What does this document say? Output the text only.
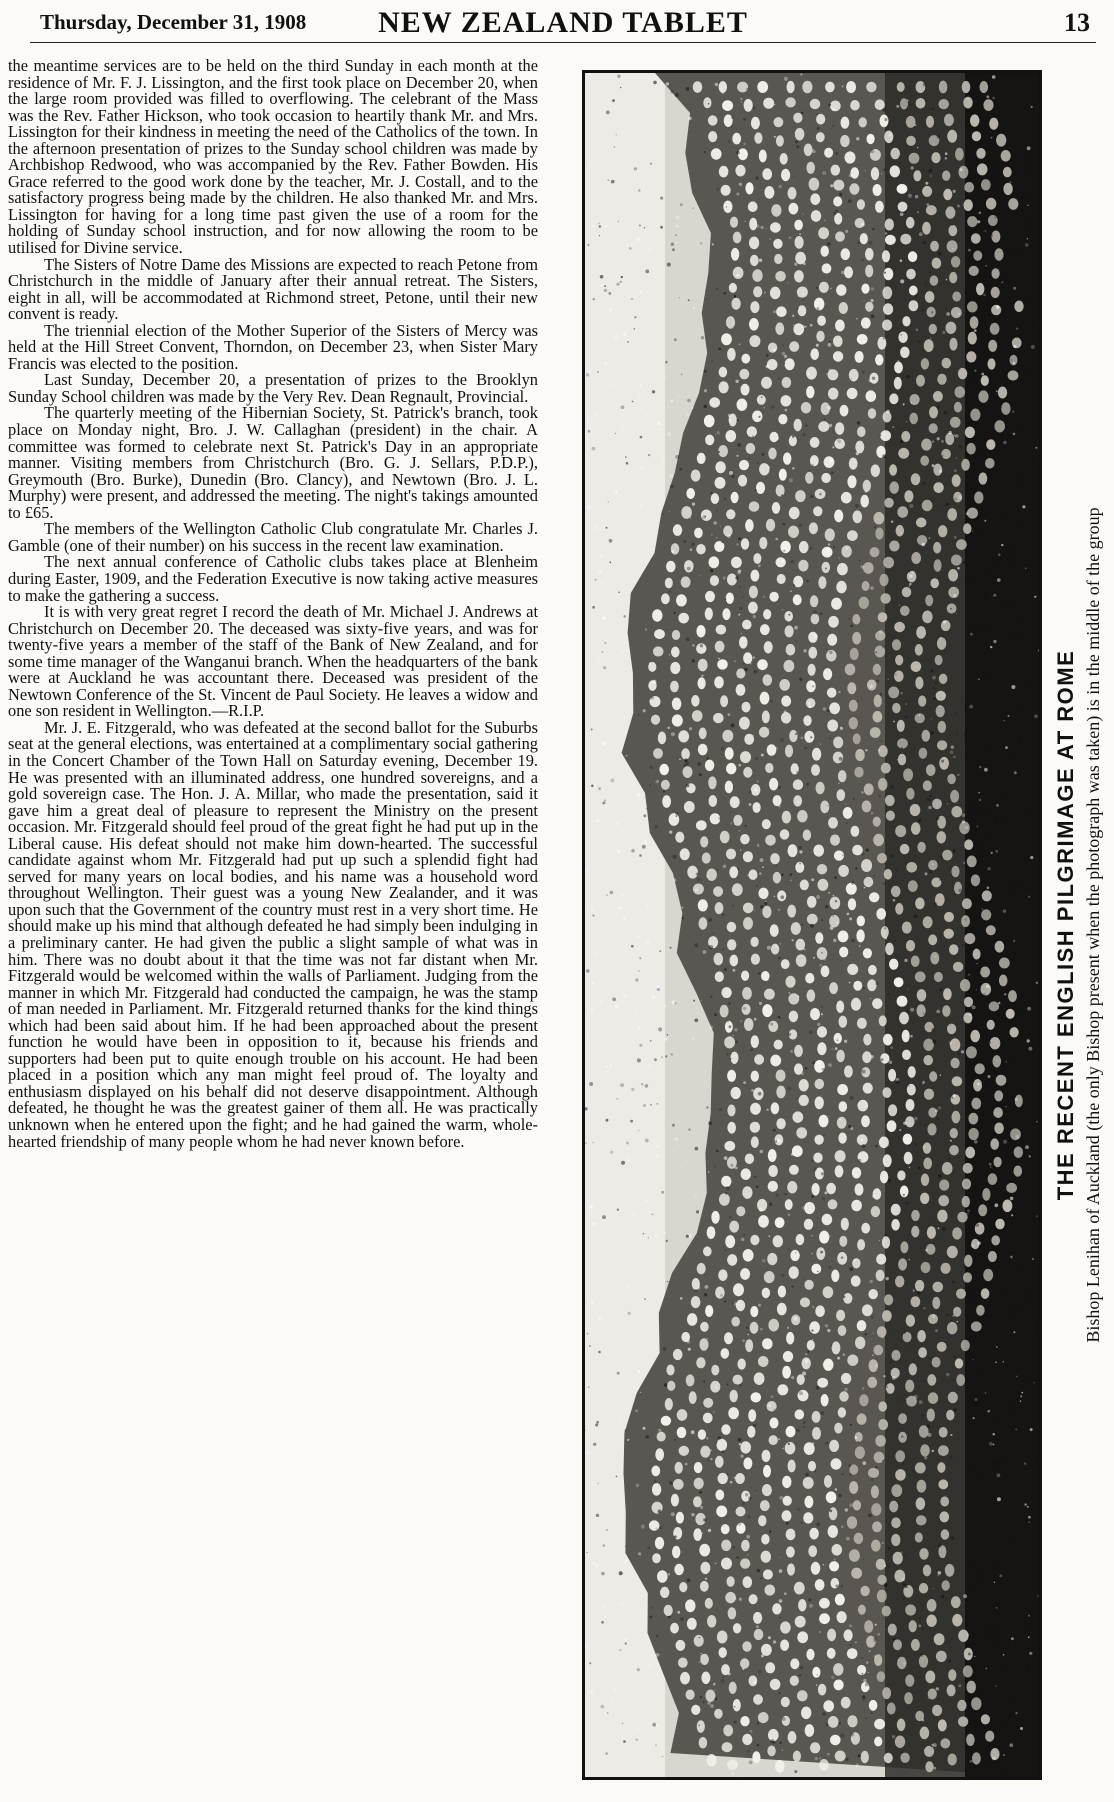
Thursday, December 31, 1908	NEW ZEALAND TABLET	13

the meantime services are to be held on the third Sunday in each month at the residence of Mr. F. J. Lissington, and the first took place on December 20, when the large room provided was filled to overflowing. The celebrant of the Mass was the Rev. Father Hickson, who took occasion to heartily thank Mr. and Mrs. Lissington for their kindness in meeting the need of the Catholics of the town. In the afternoon presentation of prizes to the Sunday school children was made by Archbishop Redwood, who was accompanied by the Rev. Father Bowden. His Grace referred to the good work done by the teacher, Mr. J. Costall, and to the satisfactory progress being made by the children. He also thanked Mr. and Mrs. Lissington for having for a long time past given the use of a room for the holding of Sunday school instruction, and for now allowing the room to be utilised for Divine service.

The Sisters of Notre Dame des Missions are expected to reach Petone from Christchurch in the middle of January after their annual retreat. The Sisters, eight in all, will be accommodated at Richmond street, Petone, until their new convent is ready.

The triennial election of the Mother Superior of the Sisters of Mercy was held at the Hill Street Convent, Thorndon, on December 23, when Sister Mary Francis was elected to the position.

Last Sunday, December 20, a presentation of prizes to the Brooklyn Sunday School children was made by the Very Rev. Dean Regnault, Provincial.

The quarterly meeting of the Hibernian Society, St. Patrick's branch, took place on Monday night, Bro. J. W. Callaghan (president) in the chair. A committee was formed to celebrate next St. Patrick's Day in an appropriate manner. Visiting members from Christchurch (Bro. G. J. Sellars, P.D.P.), Greymouth (Bro. Burke), Dunedin (Bro. Clancy), and Newtown (Bro. J. L. Murphy) were present, and addressed the meeting. The night's takings amounted to £65.

The members of the Wellington Catholic Club congratulate Mr. Charles J. Gamble (one of their number) on his success in the recent law examination.

The next annual conference of Catholic clubs takes place at Blenheim during Easter, 1909, and the Federation Executive is now taking active measures to make the gathering a success.

It is with very great regret I record the death of Mr. Michael J. Andrews at Christchurch on December 20. The deceased was sixty-five years, and was for twenty-five years a member of the staff of the Bank of New Zealand, and for some time manager of the Wanganui branch. When the headquarters of the bank were at Auckland he was accountant there. Deceased was president of the Newtown Conference of the St. Vincent de Paul Society. He leaves a widow and one son resident in Wellington.—R.I.P.

Mr. J. E. Fitzgerald, who was defeated at the second ballot for the Suburbs seat at the general elections, was entertained at a complimentary social gathering in the Concert Chamber of the Town Hall on Saturday evening, December 19. He was presented with an illuminated address, one hundred sovereigns, and a gold sovereign case. The Hon. J. A. Millar, who made the presentation, said it gave him a great deal of pleasure to represent the Ministry on the present occasion. Mr. Fitzgerald should feel proud of the great fight he had put up in the Liberal cause. His defeat should not make him down-hearted. The successful candidate against whom Mr. Fitzgerald had put up such a splendid fight had served for many years on local bodies, and his name was a household word throughout Wellington. Their guest was a young New Zealander, and it was upon such that the Government of the country must rest in a very short time. He should make up his mind that although defeated he had simply been indulging in a preliminary canter. He had given the public a slight sample of what was in him. There was no doubt about it that the time was not far distant when Mr. Fitzgerald would be welcomed within the walls of Parliament. Judging from the manner in which Mr. Fitzgerald had conducted the campaign, he was the stamp of man needed in Parliament. Mr. Fitzgerald returned thanks for the kind things which had been said about him. If he had been approached about the present function he would have been in opposition to it, because his friends and supporters had been put to quite enough trouble on his account. He had been placed in a position which any man might feel proud of. The loyalty and enthusiasm displayed on his behalf did not deserve disappointment. Although defeated, he thought he was the greatest gainer of them all. He was practically unknown when he entered upon the fight; and he had gained the warm, whole-hearted friendship of many people whom he had never known before.	THE RECENT ENGLISH PILGRIMAGE AT ROME Bishop Lenihan of Auckland (the only Bishop present when the photograph was taken) is in the middle of the group
